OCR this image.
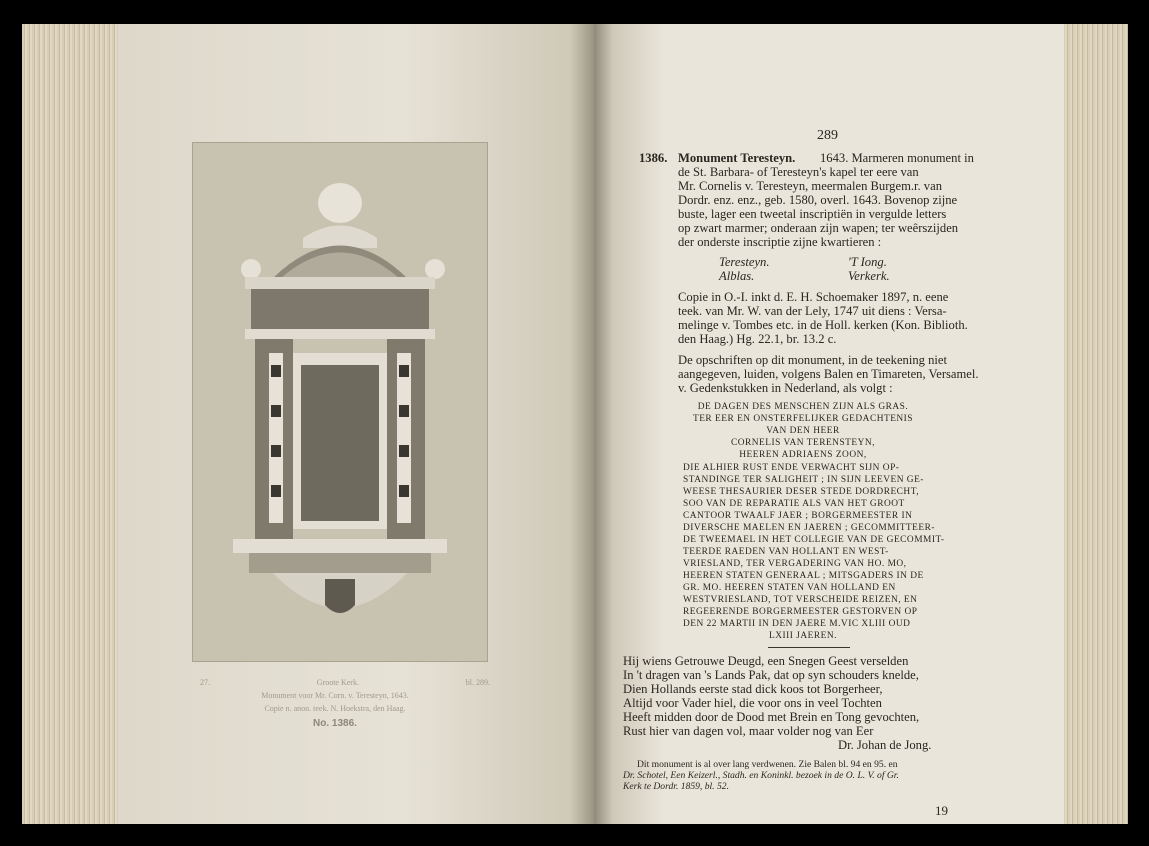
27.	Groote Kerk.	bl. 289.
Monument voor Mr. Corn. v. Teresteyn, 1643.
Copie n. anon. teek. N. Hoekstra, den Haag.
No. 1386.
289
1386. Monument Teresteyn. 1643. Marmeren monument in
de St. Barbara- of Teresteyn's kapel ter eere van
Mr. Cornelis v. Teresteyn, meermalen Burgem.r. van
Dordr. enz. enz., geb. 1580, overl. 1643. Bovenop zijne
buste, lager een tweetal inscriptiën in vergulde letters
op zwart marmer; onderaan zijn wapen; ter weêrszijden
der onderste inscriptie zijne kwartieren :
Teresteyn.	'T Iong.
Alblas.	Verkerk.
Copie in O.-I. inkt d. E. H. Schoemaker 1897, n. eene
teek. van Mr. W. van der Lely, 1747 uit diens : Versa-
melinge v. Tombes etc. in de Holl. kerken (Kon. Biblioth.
den Haag.) Hg. 22.1, br. 13.2 c.
De opschriften op dit monument, in de teekening niet
aangegeven, luiden, volgens Balen en Timareten, Versamel.
v. Gedenkstukken in Nederland, als volgt :
DE DAGEN DES MENSCHEN ZIJN ALS GRAS.
TER EER EN ONSTERFELIJKER GEDACHTENIS
VAN DEN HEER
CORNELIS VAN TERENSTEYN,
HEEREN ADRIAENS ZOON,
DIE ALHIER RUST ENDE VERWACHT SIJN OP-
STANDINGE TER SALIGHEIT ; IN SIJN LEEVEN GE-
WEESE THESAURIER DESER STEDE DORDRECHT,
SOO VAN DE REPARATIE ALS VAN HET GROOT
CANTOOR TWAALF JAER ; BORGERMEESTER IN
DIVERSCHE MAELEN EN JAEREN ; GECOMMITTEER-
DE TWEEMAEL IN HET COLLEGIE VAN DE GECOMMIT-
TEERDE RAEDEN VAN HOLLANT EN WEST-
VRIESLAND, TER VERGADERING VAN HO. MO,
HEEREN STATEN GENERAAL ; MITSGADERS IN DE
GR. MO. HEEREN STATEN VAN HOLLAND EN
WESTVRIESLAND, TOT VERSCHEIDE REIZEN, EN
REGEERENDE BORGERMEESTER GESTORVEN OP
DEN 22 MARTII IN DEN JAERE M.VIC XLIII OUD
LXIII JAEREN.
Hij wiens Getrouwe Deugd, een Snegen Geest verselden
In 't dragen van 's Lands Pak, dat op syn schouders knelde,
Dien Hollands eerste stad dick koos tot Borgerheer,
Altijd voor Vader hiel, die voor ons in veel Tochten
Heeft midden door de Dood met Brein en Tong gevochten,
Rust hier van dagen vol, maar volder nog van Eer
Dr. Johan de Jong.
Dit monument is al over lang verdwenen. Zie Balen bl. 94 en 95. en
Dr. Schotel, Een Keizerl., Stadh. en Koninkl. bezoek in de O. L. V. of Gr.
Kerk te Dordr. 1859, bl. 52.
19
